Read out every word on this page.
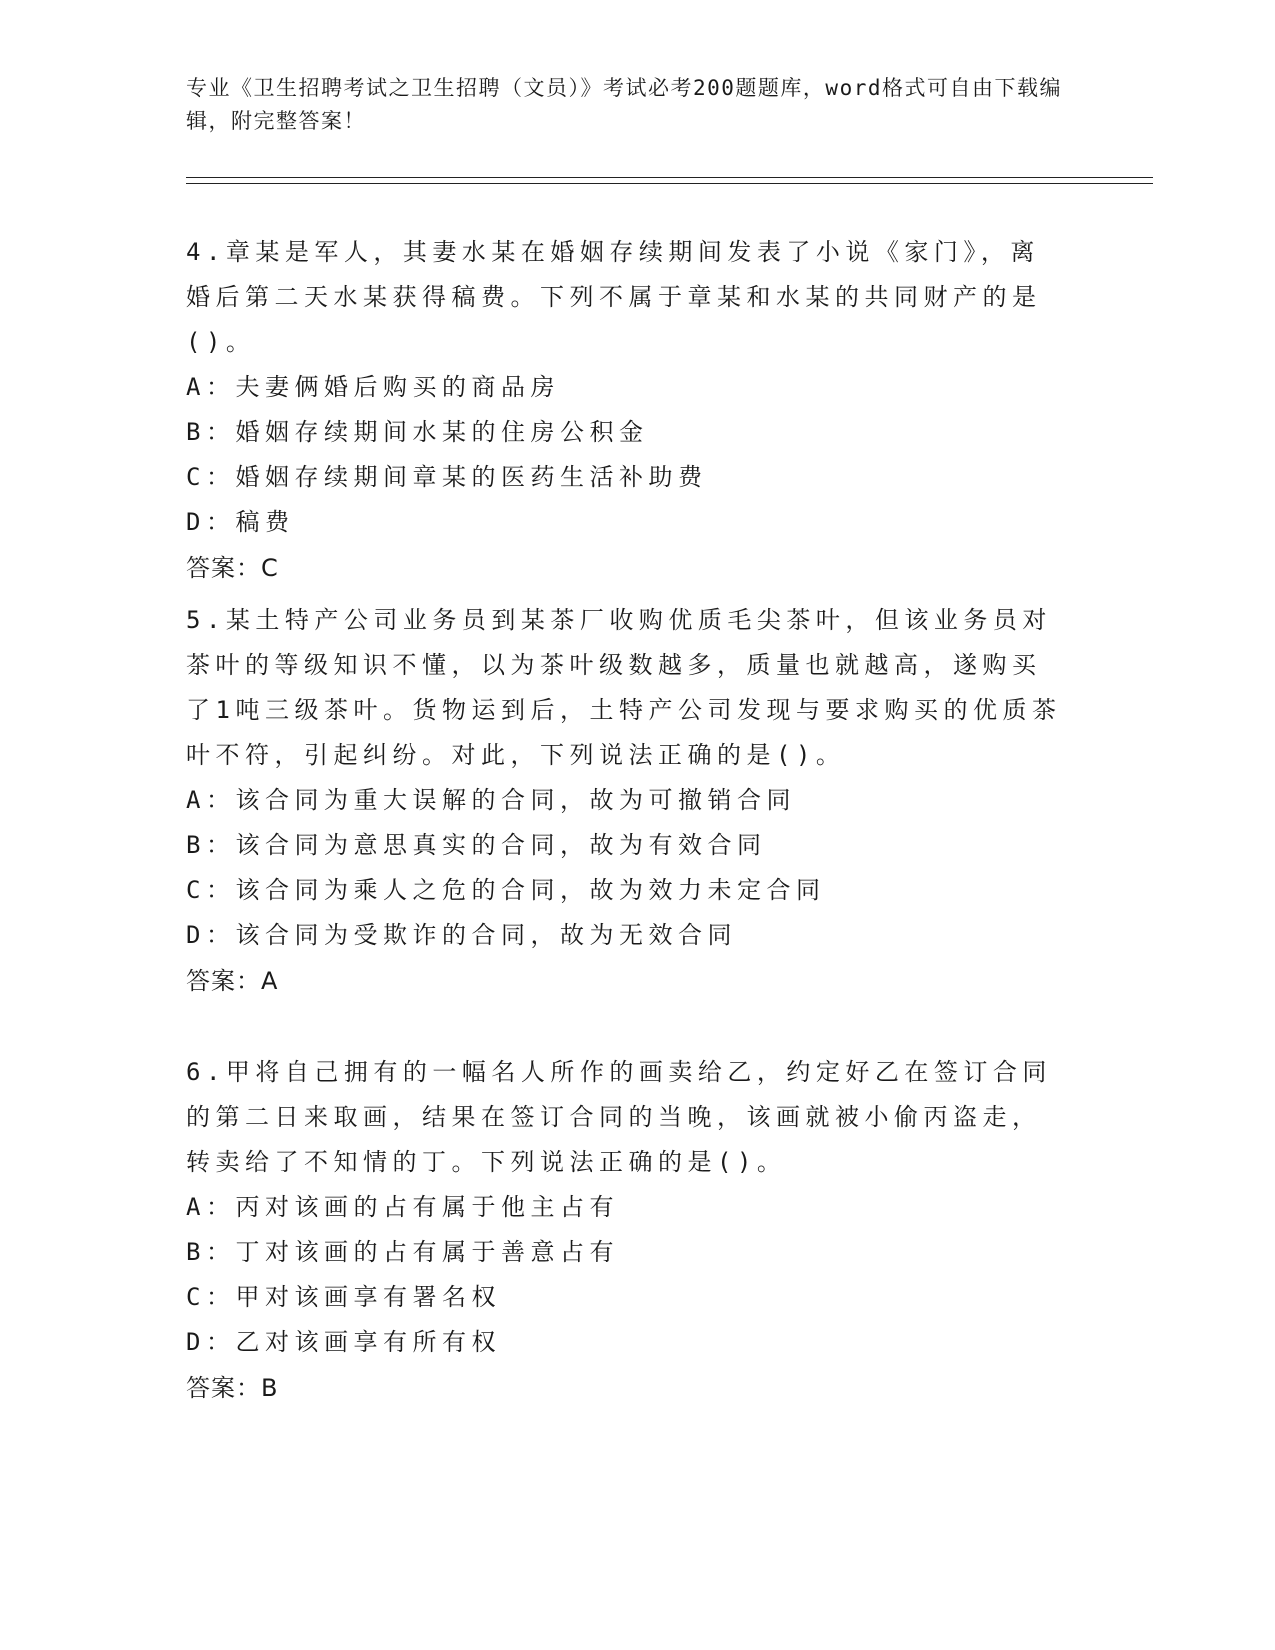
专业《卫生招聘考试之卫生招聘（文员）》考试必考200题题库，word格式可自由下载编辑，附完整答案！

4.章某是军人，其妻水某在婚姻存续期间发表了小说《家门》，离婚后第二天水某获得稿费。下列不属于章某和水某的共同财产的是()。

A：夫妻俩婚后购买的商品房

B：婚姻存续期间水某的住房公积金

C：婚姻存续期间章某的医药生活补助费

D：稿费

答案：C

5.某土特产公司业务员到某茶厂收购优质毛尖茶叶，但该业务员对茶叶的等级知识不懂，以为茶叶级数越多，质量也就越高，遂购买了1吨三级茶叶。货物运到后，土特产公司发现与要求购买的优质茶叶不符，引起纠纷。对此，下列说法正确的是()。

A：该合同为重大误解的合同，故为可撤销合同

B：该合同为意思真实的合同，故为有效合同

C：该合同为乘人之危的合同，故为效力未定合同

D：该合同为受欺诈的合同，故为无效合同

答案：A

6.甲将自己拥有的一幅名人所作的画卖给乙，约定好乙在签订合同的第二日来取画，结果在签订合同的当晚，该画就被小偷丙盗走，转卖给了不知情的丁。下列说法正确的是()。

A：丙对该画的占有属于他主占有

B：丁对该画的占有属于善意占有

C：甲对该画享有署名权

D：乙对该画享有所有权

答案：B
